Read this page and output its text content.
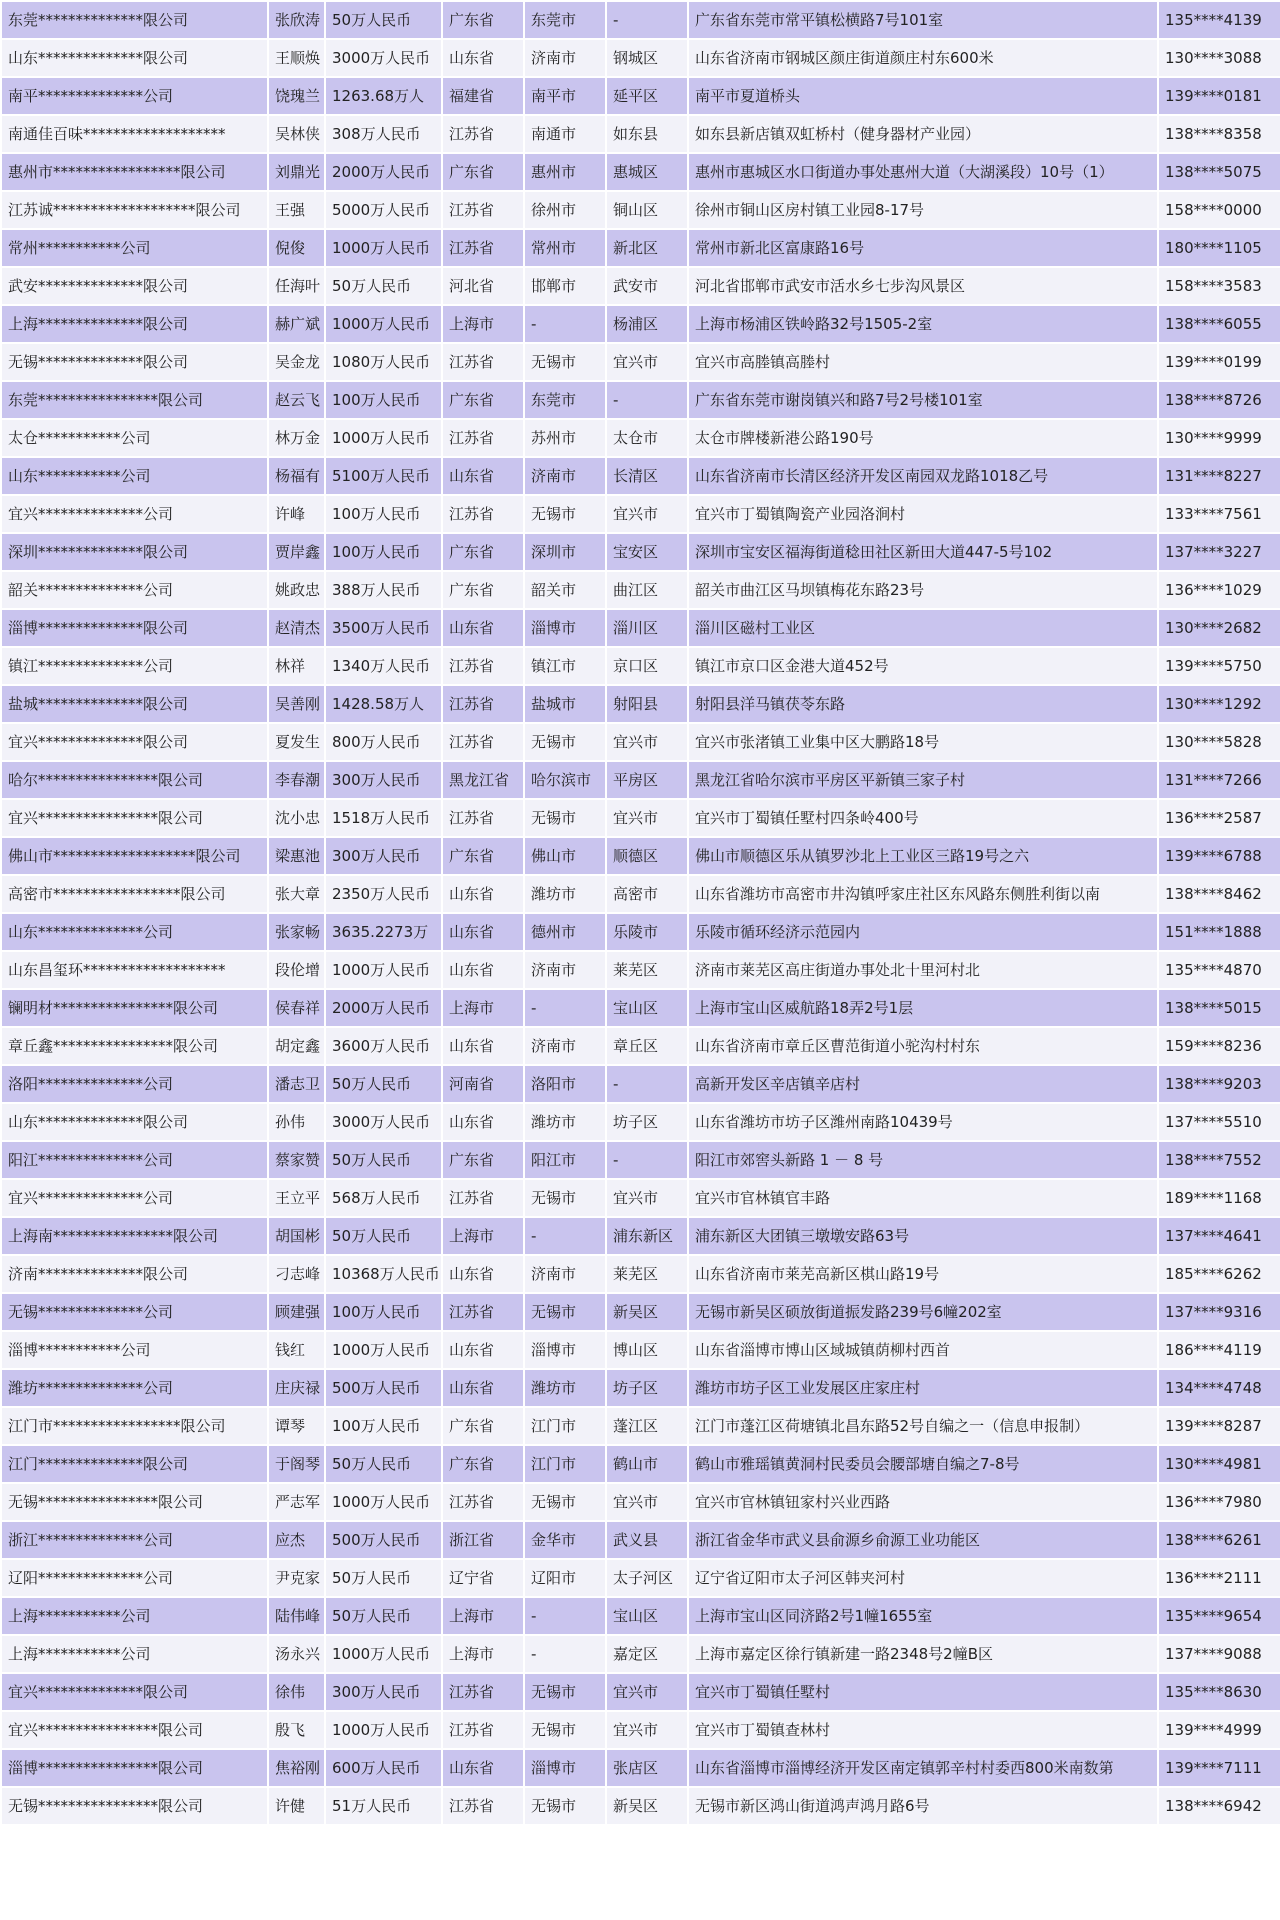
东莞**************限公司	张欣涛	50万人民币	广东省	东莞市	-	广东省东莞市常平镇松横路7号101室	135****4139
山东**************限公司	王顺焕	3000万人民币	山东省	济南市	钢城区	山东省济南市钢城区颜庄街道颜庄村东600米	130****3088
南平**************公司	饶瑰兰	1263.68万人	福建省	南平市	延平区	南平市夏道桥头	139****0181
南通佳百味*******************	吴林侠	308万人民币	江苏省	南通市	如东县	如东县新店镇双虹桥村（健身器材产业园）	138****8358
惠州市*****************限公司	刘鼎光	2000万人民币	广东省	惠州市	惠城区	惠州市惠城区水口街道办事处惠州大道（大湖溪段）10号（1）	138****5075
江苏诚*******************限公司	王强	5000万人民币	江苏省	徐州市	铜山区	徐州市铜山区房村镇工业园8-17号	158****0000
常州***********公司	倪俊	1000万人民币	江苏省	常州市	新北区	常州市新北区富康路16号	180****1105
武安**************限公司	任海叶	50万人民币	河北省	邯郸市	武安市	河北省邯郸市武安市活水乡七步沟风景区	158****3583
上海**************限公司	赫广斌	1000万人民币	上海市	-	杨浦区	上海市杨浦区铁岭路32号1505-2室	138****6055
无锡**************限公司	吴金龙	1080万人民币	江苏省	无锡市	宜兴市	宜兴市高塍镇高塍村	139****0199
东莞****************限公司	赵云飞	100万人民币	广东省	东莞市	-	广东省东莞市谢岗镇兴和路7号2号楼101室	138****8726
太仓***********公司	林万金	1000万人民币	江苏省	苏州市	太仓市	太仓市牌楼新港公路190号	130****9999
山东***********公司	杨福有	5100万人民币	山东省	济南市	长清区	山东省济南市长清区经济开发区南园双龙路1018乙号	131****8227
宜兴**************公司	许峰	100万人民币	江苏省	无锡市	宜兴市	宜兴市丁蜀镇陶瓷产业园洛涧村	133****7561
深圳**************限公司	贾岸鑫	100万人民币	广东省	深圳市	宝安区	深圳市宝安区福海街道稔田社区新田大道447-5号102	137****3227
韶关**************公司	姚政忠	388万人民币	广东省	韶关市	曲江区	韶关市曲江区马坝镇梅花东路23号	136****1029
淄博**************限公司	赵清杰	3500万人民币	山东省	淄博市	淄川区	淄川区磁村工业区	130****2682
镇江**************公司	林祥	1340万人民币	江苏省	镇江市	京口区	镇江市京口区金港大道452号	139****5750
盐城**************限公司	吴善刚	1428.58万人	江苏省	盐城市	射阳县	射阳县洋马镇茯苓东路	130****1292
宜兴**************限公司	夏发生	800万人民币	江苏省	无锡市	宜兴市	宜兴市张渚镇工业集中区大鹏路18号	130****5828
哈尔****************限公司	李春潮	300万人民币	黑龙江省	哈尔滨市	平房区	黑龙江省哈尔滨市平房区平新镇三家子村	131****7266
宜兴****************限公司	沈小忠	1518万人民币	江苏省	无锡市	宜兴市	宜兴市丁蜀镇任墅村四条岭400号	136****2587
佛山市*******************限公司	梁惠池	300万人民币	广东省	佛山市	顺德区	佛山市顺德区乐从镇罗沙北上工业区三路19号之六	139****6788
高密市*****************限公司	张大章	2350万人民币	山东省	潍坊市	高密市	山东省潍坊市高密市井沟镇呼家庄社区东风路东侧胜利街以南	138****8462
山东**************公司	张家畅	3635.2273万	山东省	德州市	乐陵市	乐陵市循环经济示范园内	151****1888
山东昌玺环*******************	段伦增	1000万人民币	山东省	济南市	莱芜区	济南市莱芜区高庄街道办事处北十里河村北	135****4870
镧明材****************限公司	侯春祥	2000万人民币	上海市	-	宝山区	上海市宝山区威航路18弄2号1层	138****5015
章丘鑫****************限公司	胡定鑫	3600万人民币	山东省	济南市	章丘区	山东省济南市章丘区曹范街道小驼沟村村东	159****8236
洛阳**************公司	潘志卫	50万人民币	河南省	洛阳市	-	高新开发区辛店镇辛店村	138****9203
山东**************限公司	孙伟	3000万人民币	山东省	潍坊市	坊子区	山东省潍坊市坊子区潍州南路10439号	137****5510
阳江**************公司	蔡家赞	50万人民币	广东省	阳江市	-	阳江市郊窖头新路 1 － 8 号	138****7552
宜兴**************公司	王立平	568万人民币	江苏省	无锡市	宜兴市	宜兴市官林镇官丰路	189****1168
上海南****************限公司	胡国彬	50万人民币	上海市	-	浦东新区	浦东新区大团镇三墩墩安路63号	137****4641
济南**************限公司	刁志峰	10368万人民币	山东省	济南市	莱芜区	山东省济南市莱芜高新区棋山路19号	185****6262
无锡**************公司	顾建强	100万人民币	江苏省	无锡市	新吴区	无锡市新吴区硕放街道振发路239号6幢202室	137****9316
淄博***********公司	钱红	1000万人民币	山东省	淄博市	博山区	山东省淄博市博山区域城镇荫柳村西首	186****4119
潍坊**************公司	庄庆禄	500万人民币	山东省	潍坊市	坊子区	潍坊市坊子区工业发展区庄家庄村	134****4748
江门市*****************限公司	谭琴	100万人民币	广东省	江门市	蓬江区	江门市蓬江区荷塘镇北昌东路52号自编之一（信息申报制）	139****8287
江门**************限公司	于阁琴	50万人民币	广东省	江门市	鹤山市	鹤山市雅瑶镇黄洞村民委员会腰部塘自编之7-8号	130****4981
无锡****************限公司	严志军	1000万人民币	江苏省	无锡市	宜兴市	宜兴市官林镇钮家村兴业西路	136****7980
浙江**************公司	应杰	500万人民币	浙江省	金华市	武义县	浙江省金华市武义县俞源乡俞源工业功能区	138****6261
辽阳**************公司	尹克家	50万人民币	辽宁省	辽阳市	太子河区	辽宁省辽阳市太子河区韩夹河村	136****2111
上海***********公司	陆伟峰	50万人民币	上海市	-	宝山区	上海市宝山区同济路2号1幢1655室	135****9654
上海***********公司	汤永兴	1000万人民币	上海市	-	嘉定区	上海市嘉定区徐行镇新建一路2348号2幢B区	137****9088
宜兴**************限公司	徐伟	300万人民币	江苏省	无锡市	宜兴市	宜兴市丁蜀镇任墅村	135****8630
宜兴****************限公司	殷飞	1000万人民币	江苏省	无锡市	宜兴市	宜兴市丁蜀镇查林村	139****4999
淄博****************限公司	焦裕刚	600万人民币	山东省	淄博市	张店区	山东省淄博市淄博经济开发区南定镇郭辛村村委西800米南数第	139****7111
无锡****************限公司	许健	51万人民币	江苏省	无锡市	新吴区	无锡市新区鸿山街道鸿声鸿月路6号	138****6942
